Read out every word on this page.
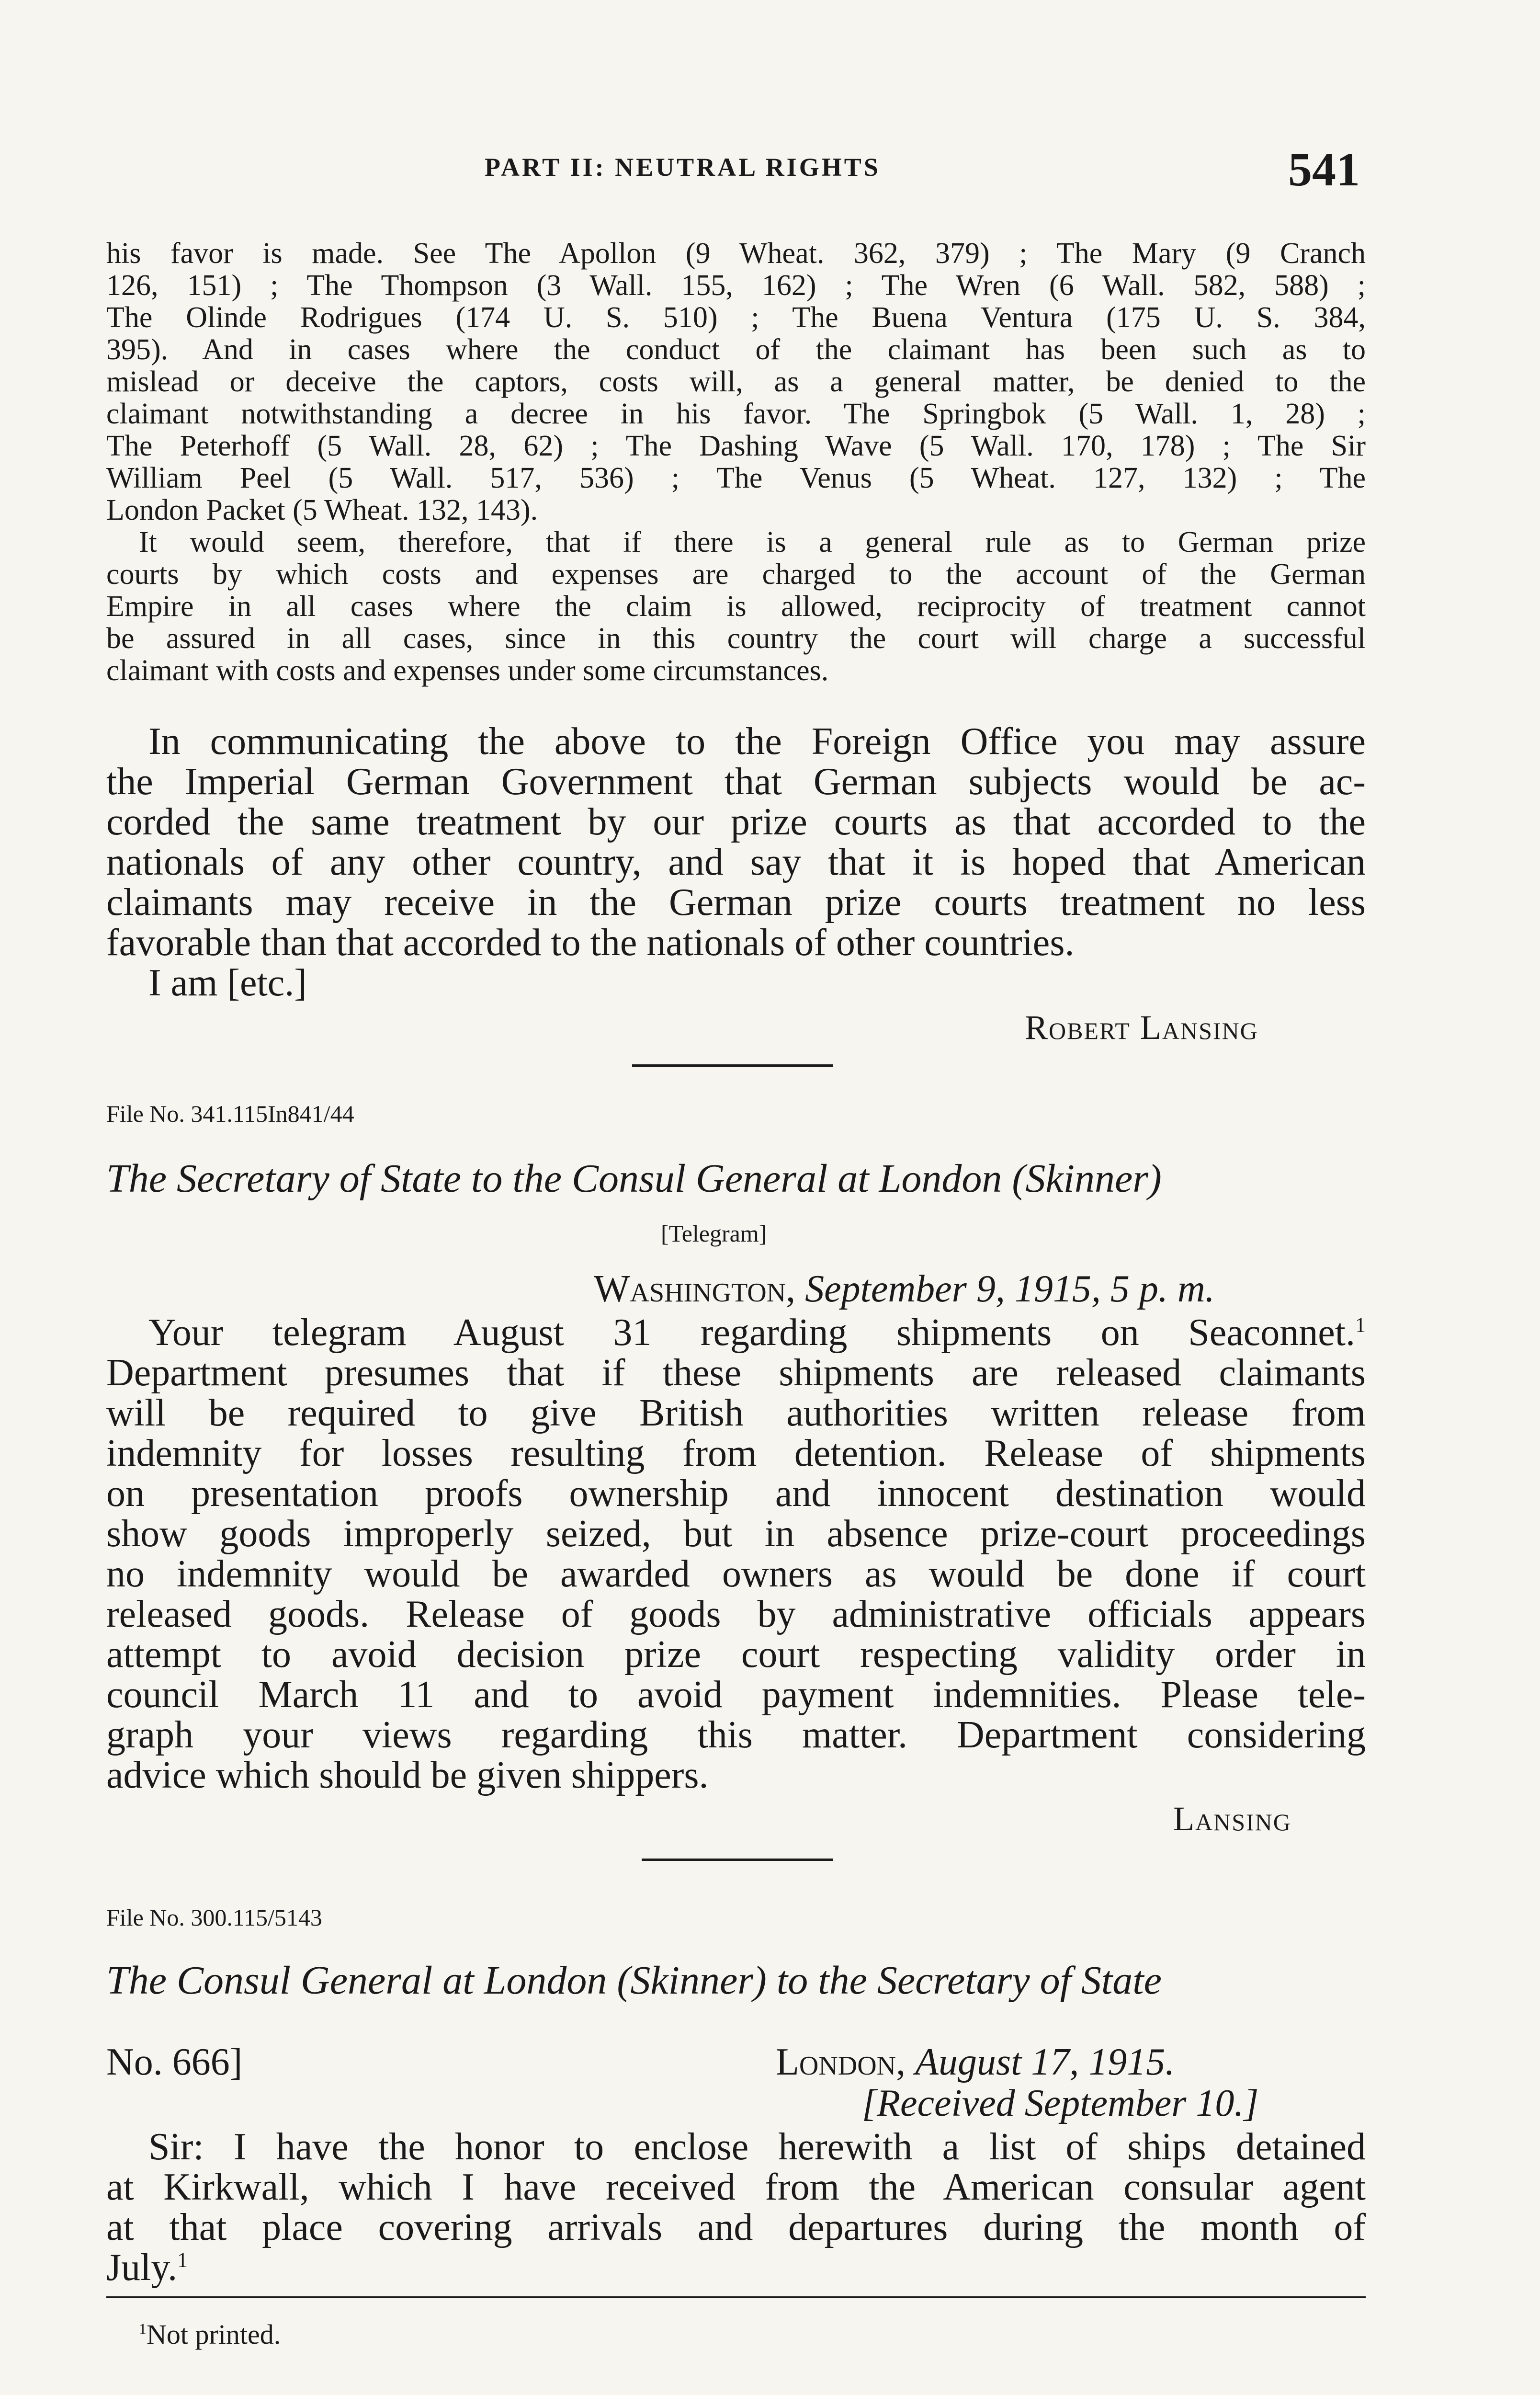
PART II: NEUTRAL RIGHTS	541

his favor is made. See The Apollon (9 Wheat. 362, 379) ; The Mary (9 Cranch

126, 151) ; The Thompson (3 Wall. 155, 162) ; The Wren (6 Wall. 582, 588) ;

The Olinde Rodrigues (174 U. S. 510) ; The Buena Ventura (175 U. S. 384,

395). And in cases where the conduct of the claimant has been such as to

mislead or deceive the captors, costs will, as a general matter, be denied to the

claimant notwithstanding a decree in his favor. The Springbok (5 Wall. 1, 28) ;

The Peterhoff (5 Wall. 28, 62) ; The Dashing Wave (5 Wall. 170, 178) ; The Sir

William Peel (5 Wall. 517, 536) ; The Venus (5 Wheat. 127, 132) ; The

London Packet (5 Wheat. 132, 143).

It would seem, therefore, that if there is a general rule as to German prize

courts by which costs and expenses are charged to the account of the German

Empire in all cases where the claim is allowed, reciprocity of treatment cannot

be assured in all cases, since in this country the court will charge a successful

claimant with costs and expenses under some circumstances.

In communicating the above to the Foreign Office you may assure

the Imperial German Government that German subjects would be ac-

corded the same treatment by our prize courts as that accorded to the

nationals of any other country, and say that it is hoped that American

claimants may receive in the German prize courts treatment no less

favorable than that accorded to the nationals of other countries.

I am [etc.]

Robert Lansing
File No. 341.115In841/44
The Secretary of State to the Consul General at London (Skinner)
[Telegram]
Washington, September 9, 1915, 5 p. m.

Your telegram August 31 regarding shipments on Seaconnet.$^1$

Department presumes that if these shipments are released claimants

will be required to give British authorities written release from

indemnity for losses resulting from detention. Release of shipments

on presentation proofs ownership and innocent destination would

show goods improperly seized, but in absence prize-court proceedings

no indemnity would be awarded owners as would be done if court

released goods. Release of goods by administrative officials appears

attempt to avoid decision prize court respecting validity order in

council March 11 and to avoid payment indemnities. Please tele-

graph your views regarding this matter. Department considering

advice which should be given shippers.

Lansing
File No. 300.115/5143
The Consul General at London (Skinner) to the Secretary of State
No. 666]	London, August 17, 1915.
[Received September 10.]

Sir: I have the honor to enclose herewith a list of ships detained

at Kirkwall, which I have received from the American consular agent

at that place covering arrivals and departures during the month of

July.$^1$

$^1$Not printed.
